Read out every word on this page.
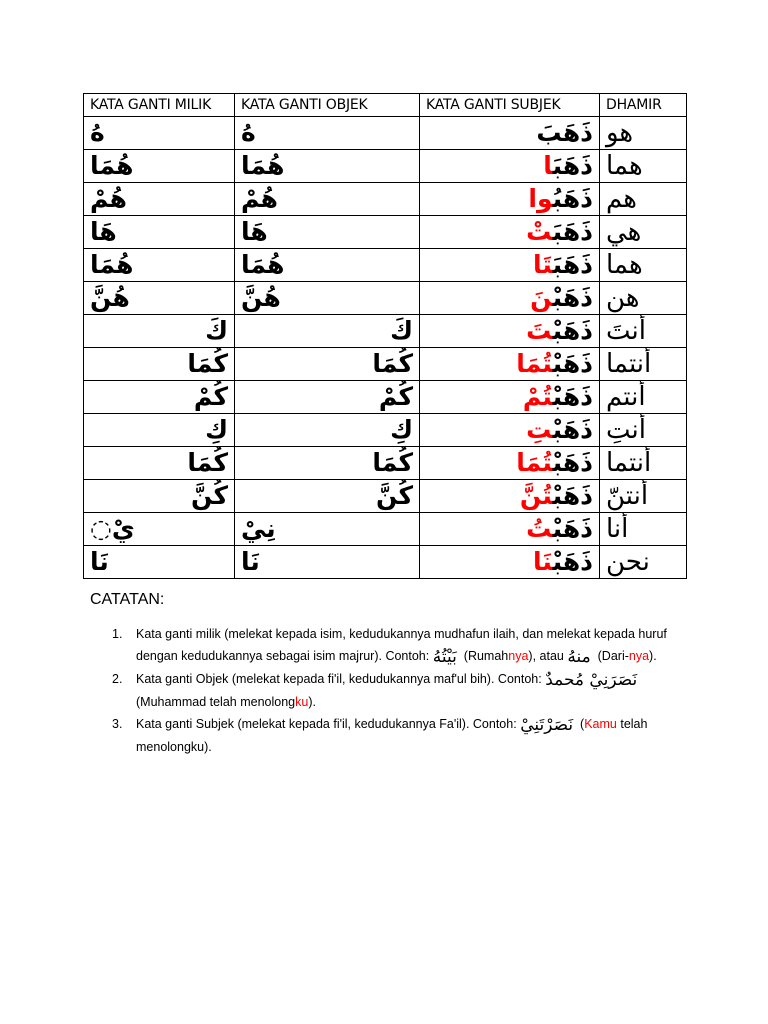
KATA GANTI MILIK	KATA GANTI OBJEK	KATA GANTI SUBJEK	DHAMIR
هُ	هُ	ذَهَبَ	هو
هُمَا	هُمَا	ذَهَبَا	هما
هُمْ	هُمْ	ذَهَبُوا	هم
هَا	هَا	ذَهَبَتْ	هي
هُمَا	هُمَا	ذَهَبَتَا	هما
هُنَّ	هُنَّ	ذَهَبْنَ	هن
كَ	كَ	ذَهَبْتَ	أنتَ
كُمَا	كُمَا	ذَهَبْتُمَا	أنتما
كُمْ	كُمْ	ذَهَبْتُمْ	أنتم
كِ	كِ	ذَهَبْتِ	أنتِ
كُمَا	كُمَا	ذَهَبْتُمَا	أنتما
كُنَّ	كُنَّ	ذَهَبْتُنَّ	أنتنّ
◌يْ	نِيْ	ذَهَبْتُ	أنا
نَا	نَا	ذَهَبْنَا	نحن
CATATAN:
1. Kata ganti milik (melekat kepada isim, kedudukannya mudhafun ilaih, dan melekat kepada huruf dengan kedudukannya sebagai isim majrur). Contoh: بَيْتُهُ (Rumahnya), atau منهُ (Dari-nya).
2. Kata ganti Objek (melekat kepada fi'il, kedudukannya maf'ul bih). Contoh: نَصَرَنِيْ مُحمدٌ (Muhammad telah menolongku).
3. Kata ganti Subjek (melekat kepada fi'il, kedudukannya Fa'il). Contoh: نَصَرْتَنِيْ (Kamu telah menolongku).
